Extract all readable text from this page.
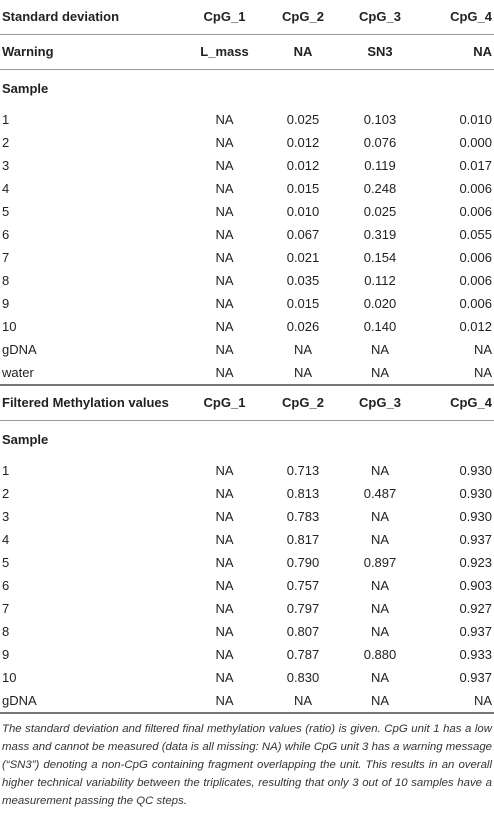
Standard deviation	CpG_1	CpG_2	CpG_3	CpG_4
Warning	L_mass	NA	SN3	NA
Sample				
1	NA	0.025	0.103	0.010
2	NA	0.012	0.076	0.000
3	NA	0.012	0.119	0.017
4	NA	0.015	0.248	0.006
5	NA	0.010	0.025	0.006
6	NA	0.067	0.319	0.055
7	NA	0.021	0.154	0.006
8	NA	0.035	0.112	0.006
9	NA	0.015	0.020	0.006
10	NA	0.026	0.140	0.012
gDNA	NA	NA	NA	NA
water	NA	NA	NA	NA
Filtered Methylation values	CpG_1	CpG_2	CpG_3	CpG_4
Sample				
1	NA	0.713	NA	0.930
2	NA	0.813	0.487	0.930
3	NA	0.783	NA	0.930
4	NA	0.817	NA	0.937
5	NA	0.790	0.897	0.923
6	NA	0.757	NA	0.903
7	NA	0.797	NA	0.927
8	NA	0.807	NA	0.937
9	NA	0.787	0.880	0.933
10	NA	0.830	NA	0.937
gDNA	NA	NA	NA	NA
The standard deviation and filtered final methylation values (ratio) is given. CpG unit 1 has a low mass and cannot be measured (data is all missing: NA) while CpG unit 3 has a warning message (“SN3”) denoting a non-CpG containing fragment overlapping the unit. This results in an overall higher technical variability between the triplicates, resulting that only 3 out of 10 samples have a measurement passing the QC steps.
